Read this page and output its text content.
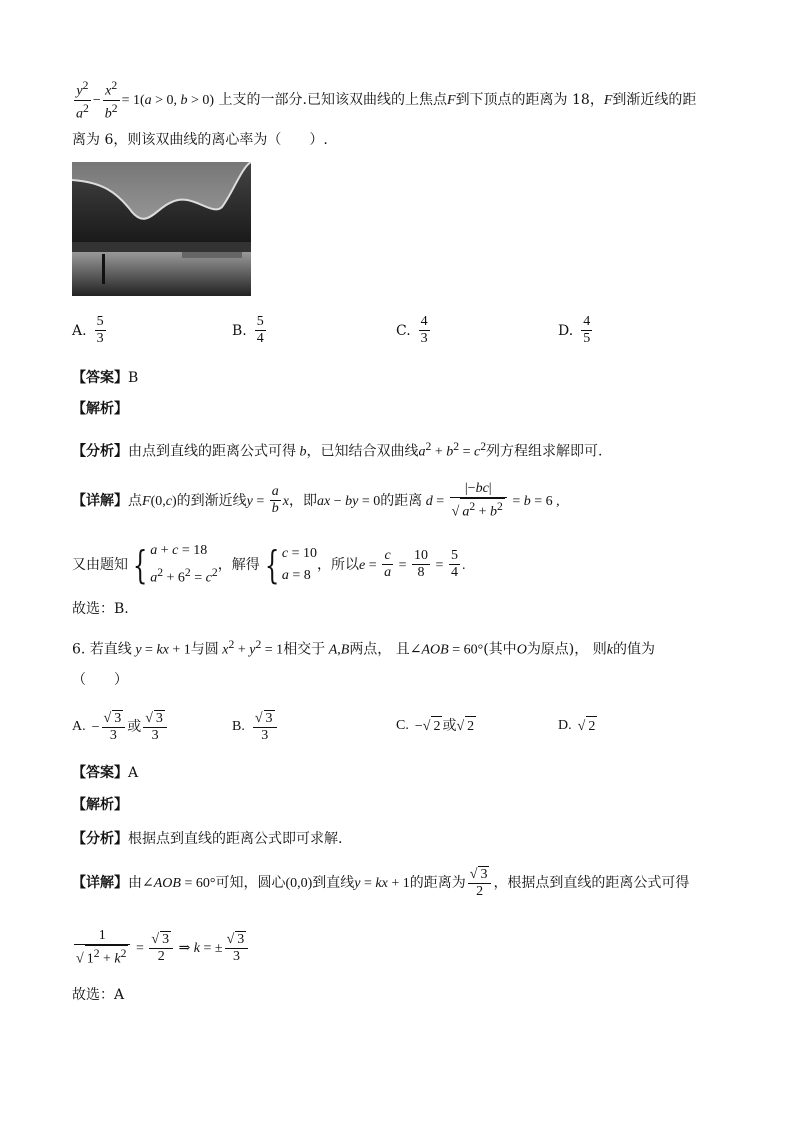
$\frac{y^2}{a^2} - \frac{x^2}{b^2} = 1(a > 0$, b > 0) 上支的一部分.已知该双曲线的上焦点F到下顶点的距离为 18，F到渐近线的距
离为 6，则该双曲线的离心率为（　　）.
A. $\frac{5}{3}$	B. $\frac{5}{4}$	C. $\frac{4}{3}$	D. $\frac{4}{5}$
【答案】B
【解析】
【分析】由点到直线的距离公式可得 b，已知结合双曲线$a^2 + b^2 = c^2$列方程组求解即可.
【详解】点F(0,c)的到渐近线$y = \frac{a}{b}$ x，即ax − by = 0的距离 $d = \frac{|-bc|}{√ a^2 + b^2} = b = 6$ ,
又由题知 { a + c = 18
$a^2 + 6^2 = c^2$，解得 { c = 10
a = 8，所以$e = \frac{c}{a} = \frac{10}{8} = \frac{5}{4}$ .
故选：B.
6. 若直线 y = kx + 1与圆 $x^2 + y^2 = 1$相交于 A,B两点， 且∠AOB = 60°(其中O为原点)， 则k的值为
（　　）
A. − $\frac{√ 3}{3}$ 或 $\frac{√ 3}{3}$	B. $\frac{√ 3}{3}$	C. −√ 2 或√ 2	D. √ 2
【答案】A
【解析】
【分析】根据点到直线的距离公式即可求解.
【详解】由∠AOB = 60°可知，圆心(0,0)到直线y = kx + 1的距离为 $\frac{√ 3}{2}$ ，根据点到直线的距离公式可得
$\frac{1}{√ 1^2 + k^2} = \frac{√ 3}{2}$ ⇒ k = ± $\frac{√ 3}{3}$
故选：A
